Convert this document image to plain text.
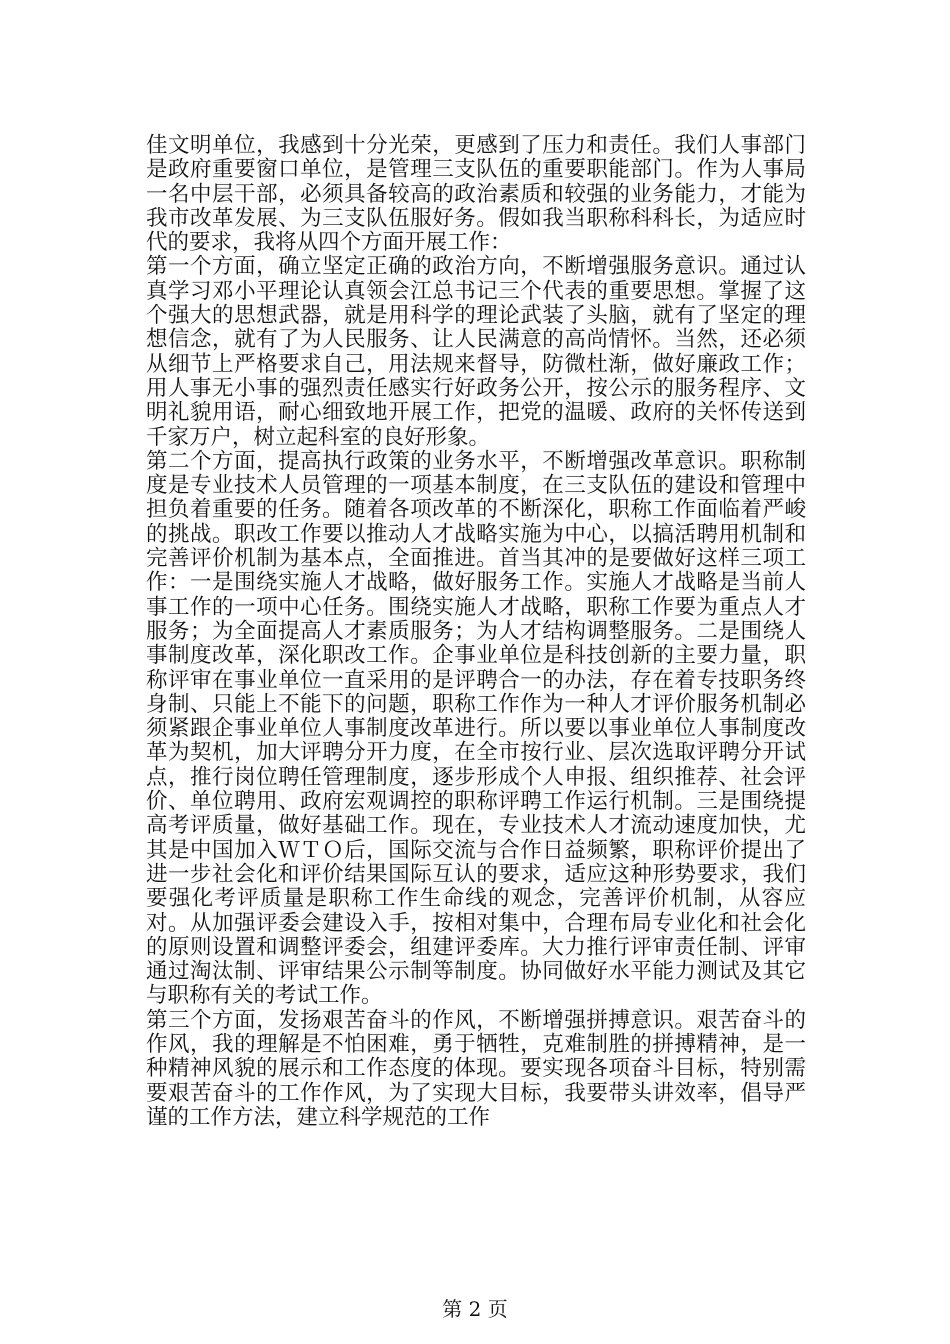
佳文明单位，我感到十分光荣，更感到了压力和责任。我们人事部门是政府重要窗口单位，是管理三支队伍的重要职能部门。作为人事局一名中层干部，必须具备较高的政治素质和较强的业务能力，才能为我市改革发展、为三支队伍服好务。假如我当职称科科长，为适应时代的要求，我将从四个方面开展工作：

第一个方面，确立坚定正确的政治方向，不断增强服务意识。通过认真学习邓小平理论认真领会江总书记三个代表的重要思想。掌握了这个强大的思想武器，就是用科学的理论武装了头脑，就有了坚定的理想信念，就有了为人民服务、让人民满意的高尚情怀。当然，还必须从细节上严格要求自己，用法规来督导，防微杜渐，做好廉政工作；用人事无小事的强烈责任感实行好政务公开，按公示的服务程序、文明礼貌用语，耐心细致地开展工作，把党的温暖、政府的关怀传送到千家万户，树立起科室的良好形象。

第二个方面，提高执行政策的业务水平，不断增强改革意识。职称制度是专业技术人员管理的一项基本制度，在三支队伍的建设和管理中担负着重要的任务。随着各项改革的不断深化，职称工作面临着严峻的挑战。职改工作要以推动人才战略实施为中心，以搞活聘用机制和完善评价机制为基本点，全面推进。首当其冲的是要做好这样三项工作：一是围绕实施人才战略，做好服务工作。实施人才战略是当前人事工作的一项中心任务。围绕实施人才战略，职称工作要为重点人才服务；为全面提高人才素质服务；为人才结构调整服务。二是围绕人事制度改革，深化职改工作。企事业单位是科技创新的主要力量，职称评审在事业单位一直采用的是评聘合一的办法，存在着专技职务终身制、只能上不能下的问题，职称工作作为一种人才评价服务机制必须紧跟企事业单位人事制度改革进行。所以要以事业单位人事制度改革为契机，加大评聘分开力度，在全市按行业、层次选取评聘分开试点，推行岗位聘任管理制度，逐步形成个人申报、组织推荐、社会评价、单位聘用、政府宏观调控的职称评聘工作运行机制。三是围绕提高考评质量，做好基础工作。现在，专业技术人才流动速度加快，尤其是中国加入ＷＴＯ后，国际交流与合作日益频繁，职称评价提出了进一步社会化和评价结果国际互认的要求，适应这种形势要求，我们要强化考评质量是职称工作生命线的观念，完善评价机制，从容应对。从加强评委会建设入手，按相对集中，合理布局专业化和社会化的原则设置和调整评委会，组建评委库。大力推行评审责任制、评审通过淘汰制、评审结果公示制等制度。协同做好水平能力测试及其它与职称有关的考试工作。

第三个方面，发扬艰苦奋斗的作风，不断增强拼搏意识。艰苦奋斗的作风，我的理解是不怕困难，勇于牺牲，克难制胜的拼搏精神，是一种精神风貌的展示和工作态度的体现。要实现各项奋斗目标，特别需要艰苦奋斗的工作作风，为了实现大目标，我要带头讲效率，倡导严谨的工作方法，建立科学规范的工作

第 2 页
